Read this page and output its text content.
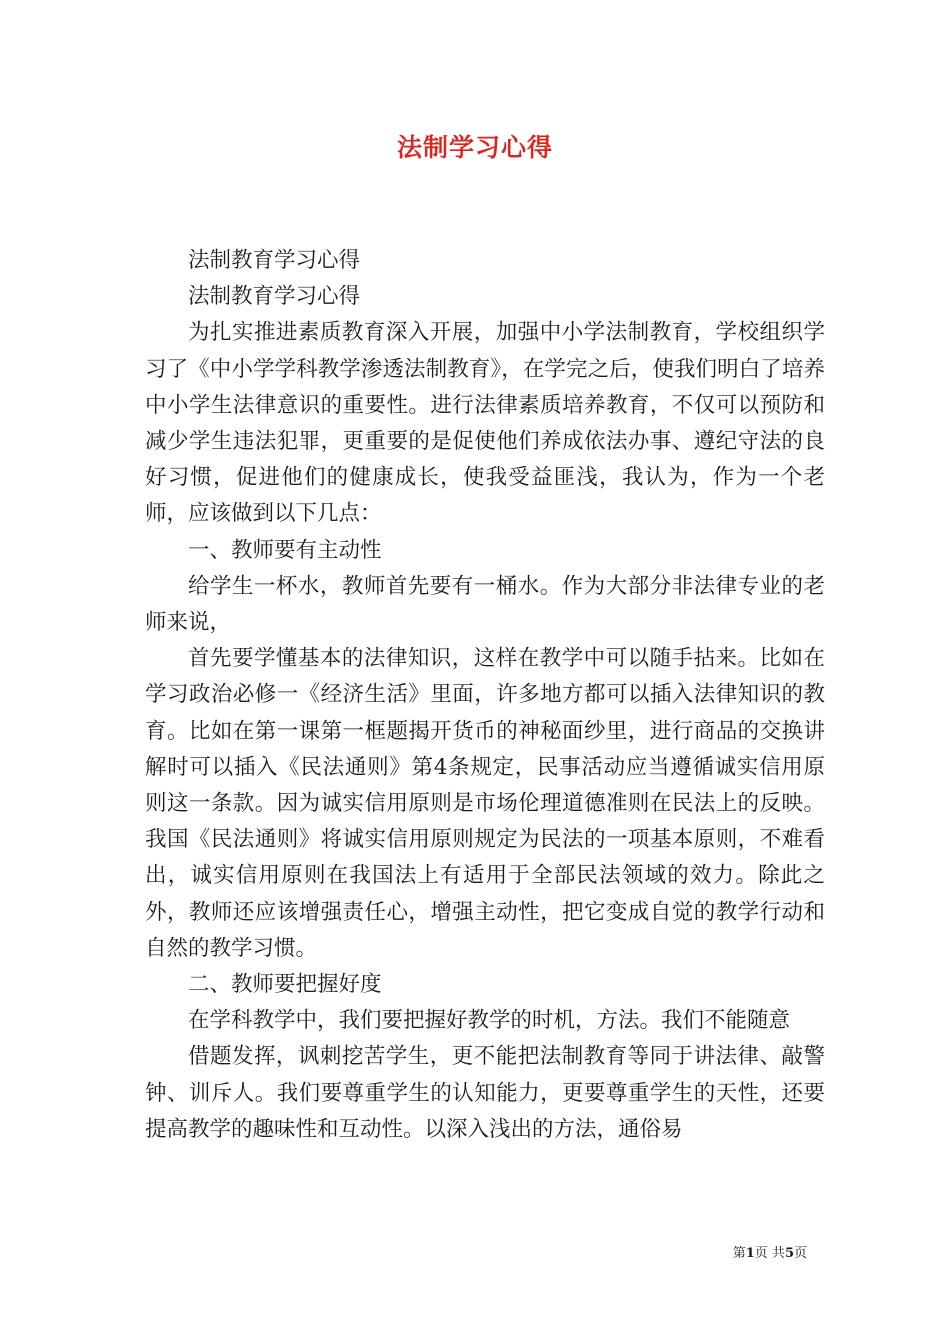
法制学习心得

法制教育学习心得

法制教育学习心得

为扎实推进素质教育深入开展，加强中小学法制教育，学校组织学习了《中小学学科教学渗透法制教育》，在学完之后，使我们明白了培养中小学生法律意识的重要性。进行法律素质培养教育，不仅可以预防和减少学生违法犯罪，更重要的是促使他们养成依法办事、遵纪守法的良好习惯，促进他们的健康成长，使我受益匪浅，我认为，作为一个老师，应该做到以下几点：

一、教师要有主动性

给学生一杯水，教师首先要有一桶水。作为大部分非法律专业的老师来说，

首先要学懂基本的法律知识，这样在教学中可以随手拈来。比如在学习政治必修一《经济生活》里面，许多地方都可以插入法律知识的教育。比如在第一课第一框题揭开货币的神秘面纱里，进行商品的交换讲解时可以插入《民法通则》第4条规定，民事活动应当遵循诚实信用原则这一条款。因为诚实信用原则是市场伦理道德准则在民法上的反映。我国《民法通则》将诚实信用原则规定为民法的一项基本原则，不难看出，诚实信用原则在我国法上有适用于全部民法领域的效力。除此之外，教师还应该增强责任心，增强主动性，把它变成自觉的教学行动和自然的教学习惯。

二、教师要把握好度

在学科教学中，我们要把握好教学的时机，方法。我们不能随意

借题发挥，讽刺挖苦学生，更不能把法制教育等同于讲法律、敲警钟、训斥人。我们要尊重学生的认知能力，更要尊重学生的天性，还要提高教学的趣味性和互动性。以深入浅出的方法，通俗易

第1页 共5页
